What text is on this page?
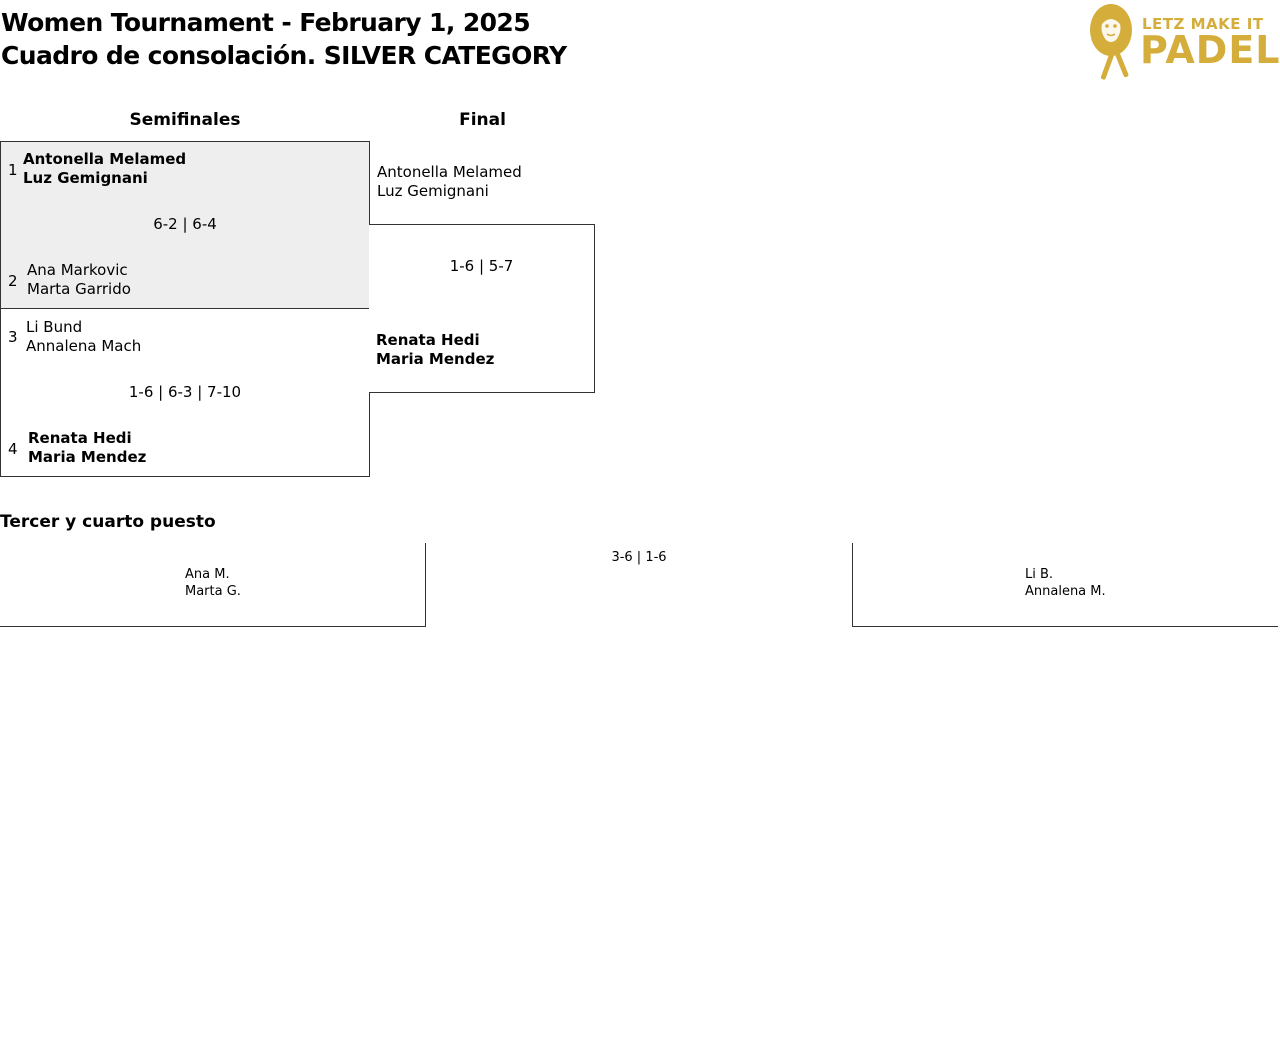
Women Tournament - February 1, 2025
Cuadro de consolación. SILVER CATEGORY
LETZ MAKE IT
PADEL
Semifinales	Final
1
Antonella Melamed
Luz Gemignani
6-2 | 6-4
2
Ana Markovic
Marta Garrido
3
Li Bund
Annalena Mach
1-6 | 6-3 | 7-10
4
Renata Hedi
Maria Mendez
Antonella Melamed
Luz Gemignani
1-6 | 5-7
Renata Hedi
Maria Mendez
Tercer y cuarto puesto
Ana M.
Marta G.
3-6 | 1-6
Li B.
Annalena M.
